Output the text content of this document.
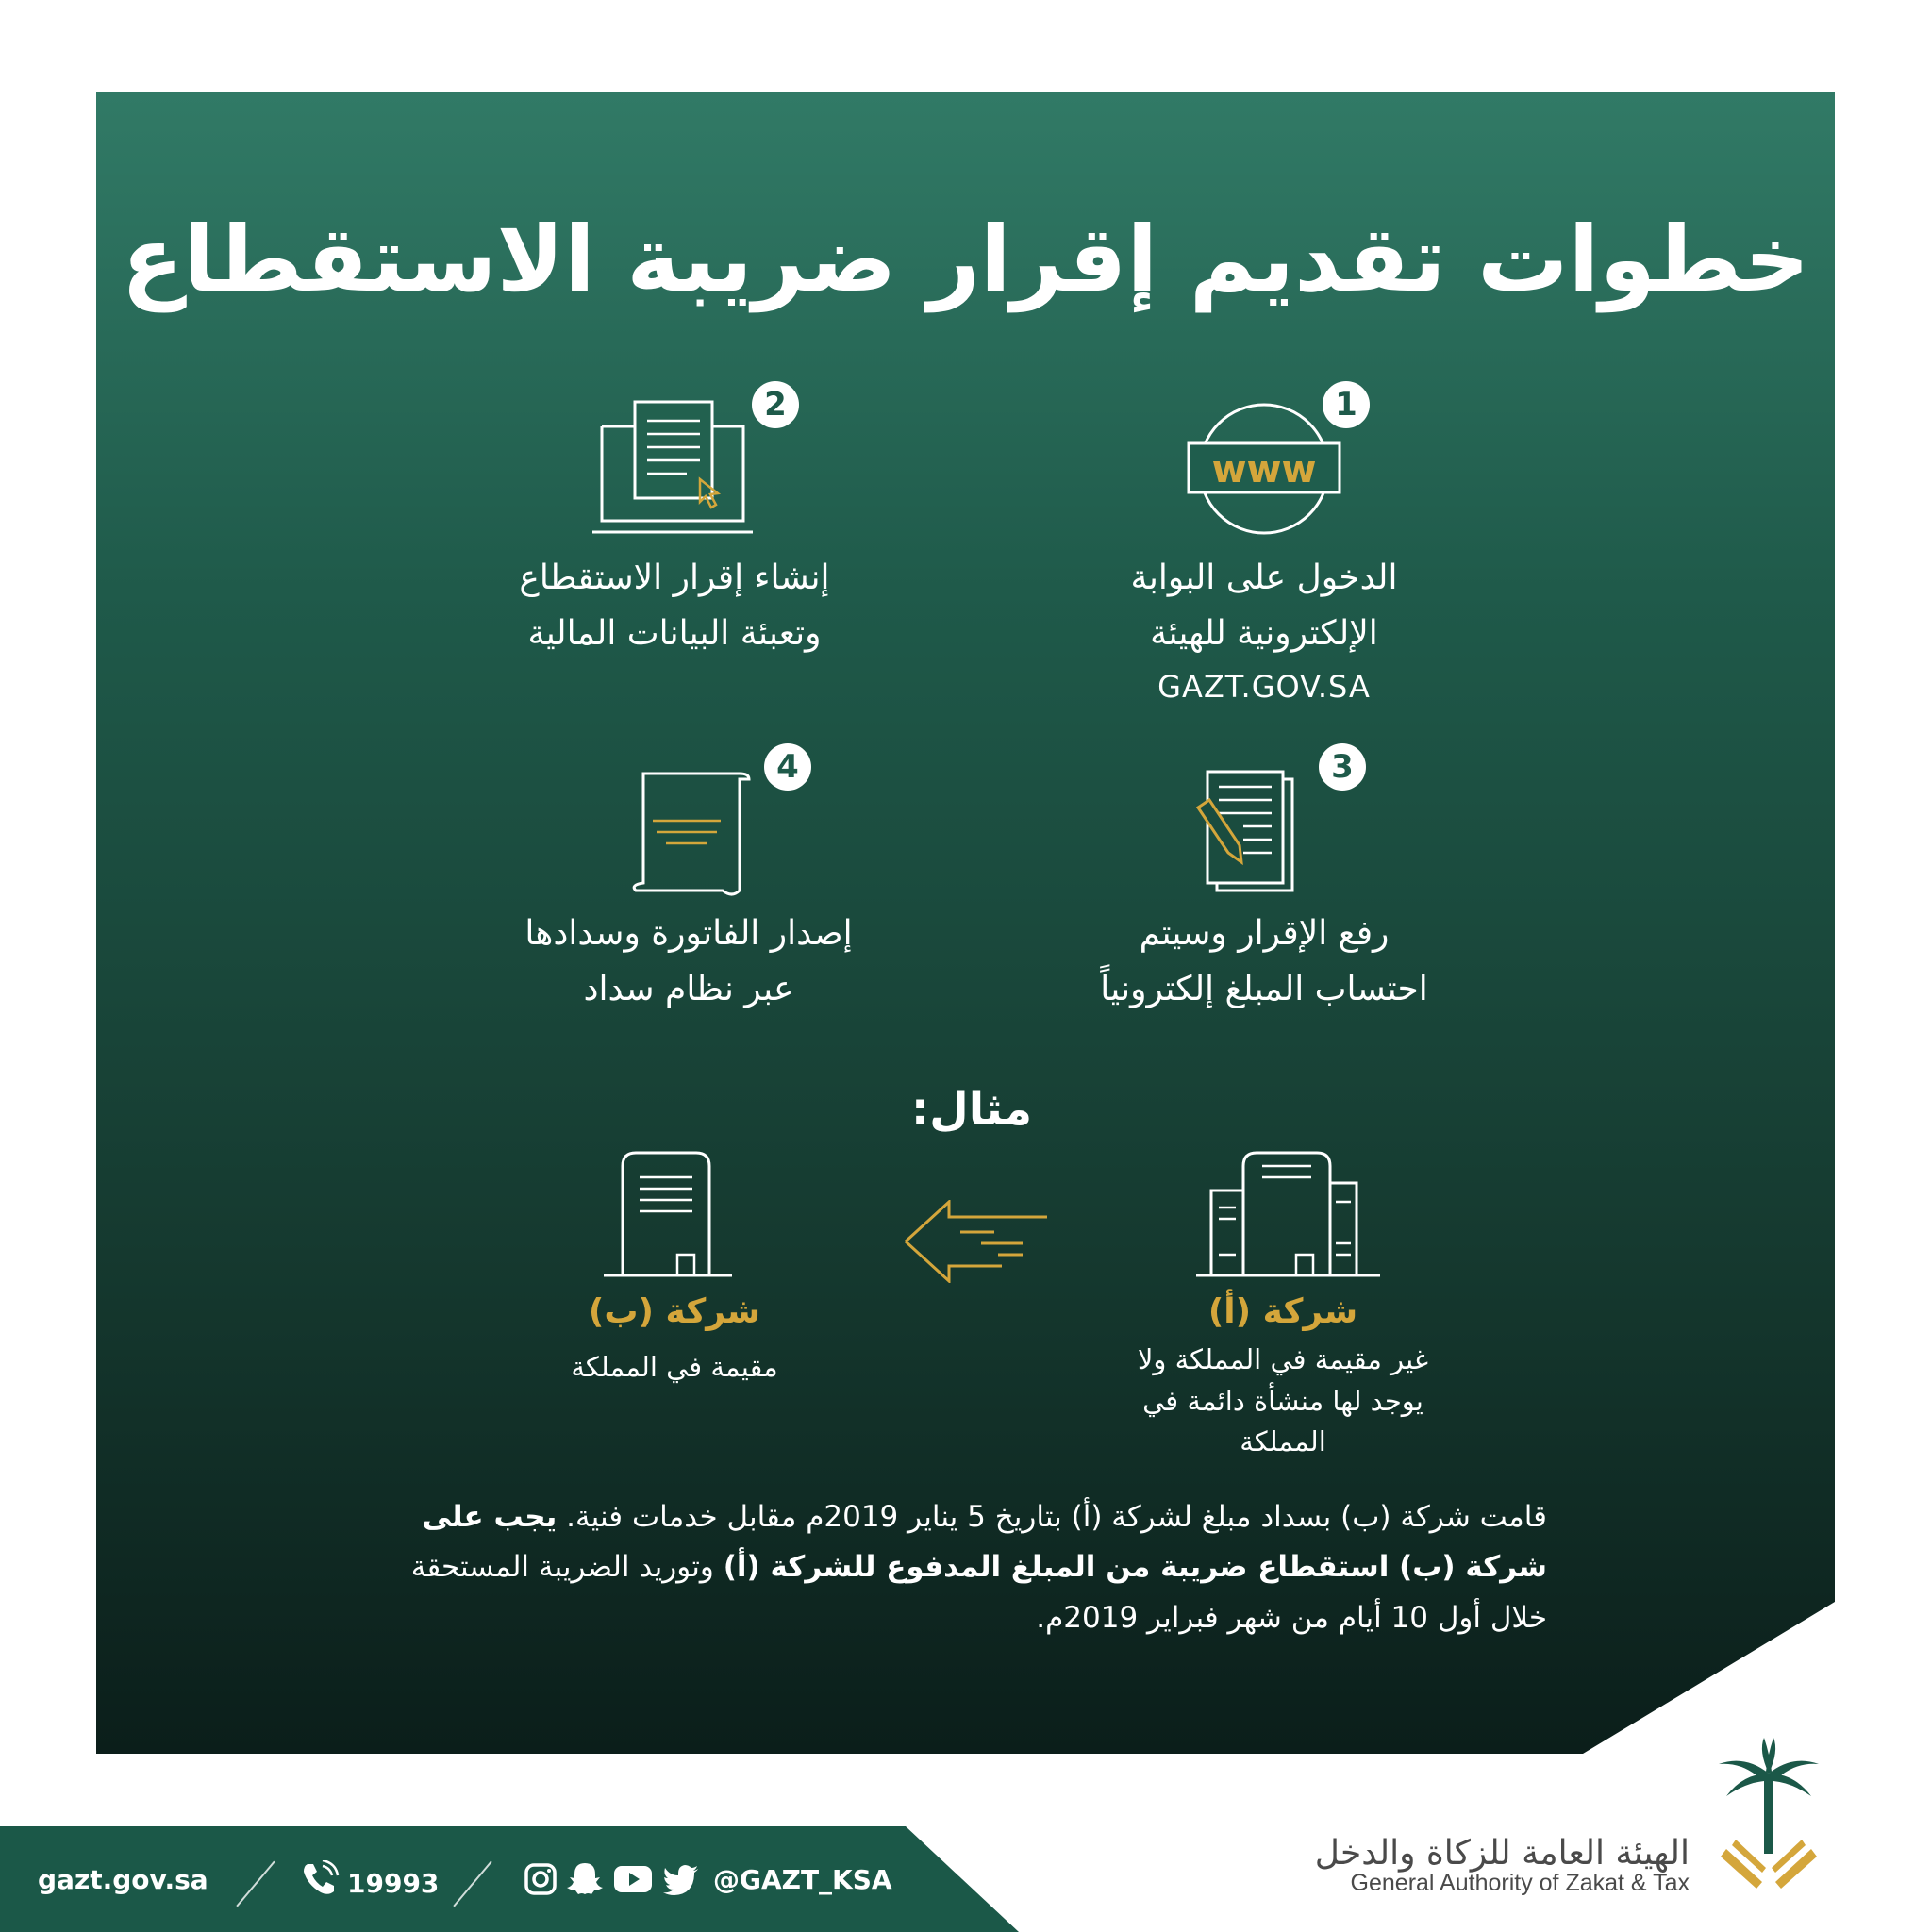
خطوات تقديم إقرار ضريبة الاستقطاع
www
1
الدخول على البوابة
الإلكترونية للهيئة
GAZT.GOV.SA
2
إنشاء إقرار الاستقطاع
وتعبئة البيانات المالية
3
رفع الإقرار وسيتم
احتساب المبلغ إلكترونياً
4
إصدار الفاتورة وسدادها
عبر نظام سداد
مثال:
شركة (أ)
غير مقيمة في المملكة ولا
يوجد لها منشأة دائمة في
المملكة
شركة (ب)
مقيمة في المملكة
قامت شركة (ب) بسداد مبلغ لشركة (أ) بتاريخ 5 يناير 2019م مقابل خدمات فنية. يجب على شركة (ب) استقطاع ضريبة من المبلغ المدفوع للشركة (أ) وتوريد الضريبة المستحقة خلال أول 10 أيام من شهر فبراير 2019م.
gazt.gov.sa	19993	@GAZT_KSA
الهيئة العامة للزكاة والدخل
General Authority of Zakat & Tax
